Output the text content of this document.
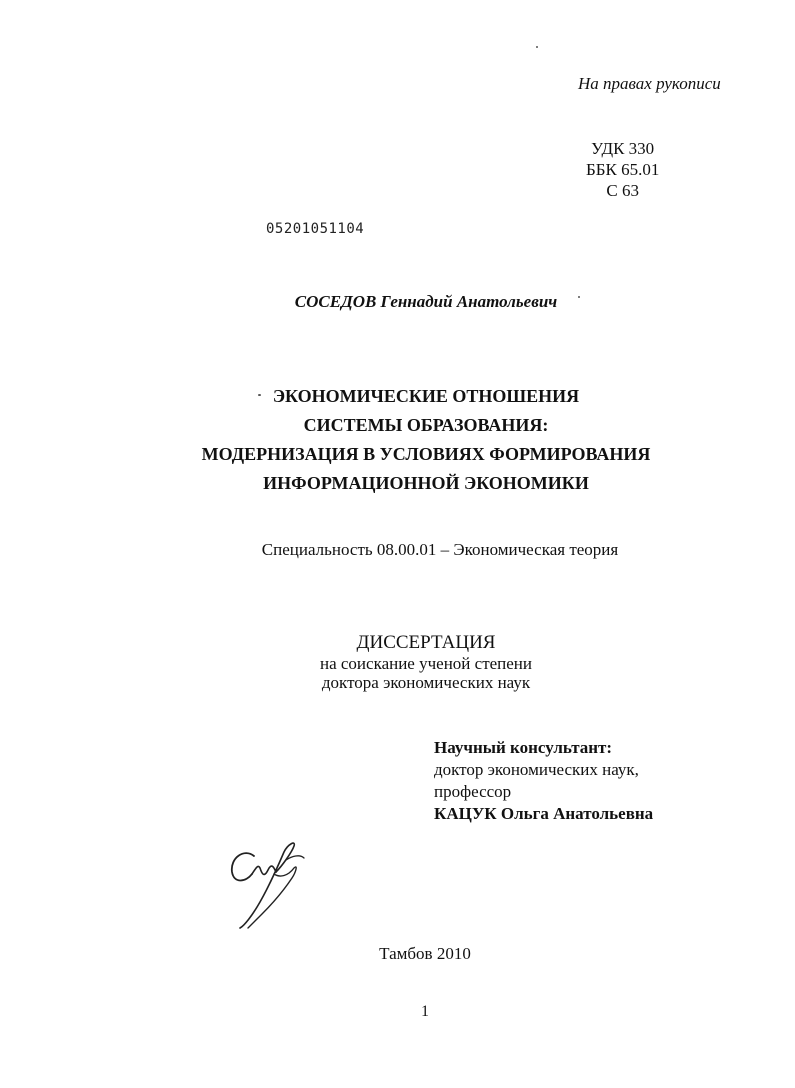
На правах рукописи
УДК 330
ББК 65.01
С 63
05201051104
СОСЕДОВ Геннадий Анатольевич
ЭКОНОМИЧЕСКИЕ ОТНОШЕНИЯ
СИСТЕМЫ ОБРАЗОВАНИЯ:
МОДЕРНИЗАЦИЯ В УСЛОВИЯХ ФОРМИРОВАНИЯ
ИНФОРМАЦИОННОЙ ЭКОНОМИКИ
Специальность 08.00.01 – Экономическая теория
ДИССЕРТАЦИЯ
на соискание ученой степени
доктора экономических наук
Научный консультант:
доктор экономических наук,
профессор
КАЦУК Ольга Анатольевна
Тамбов 2010
1
